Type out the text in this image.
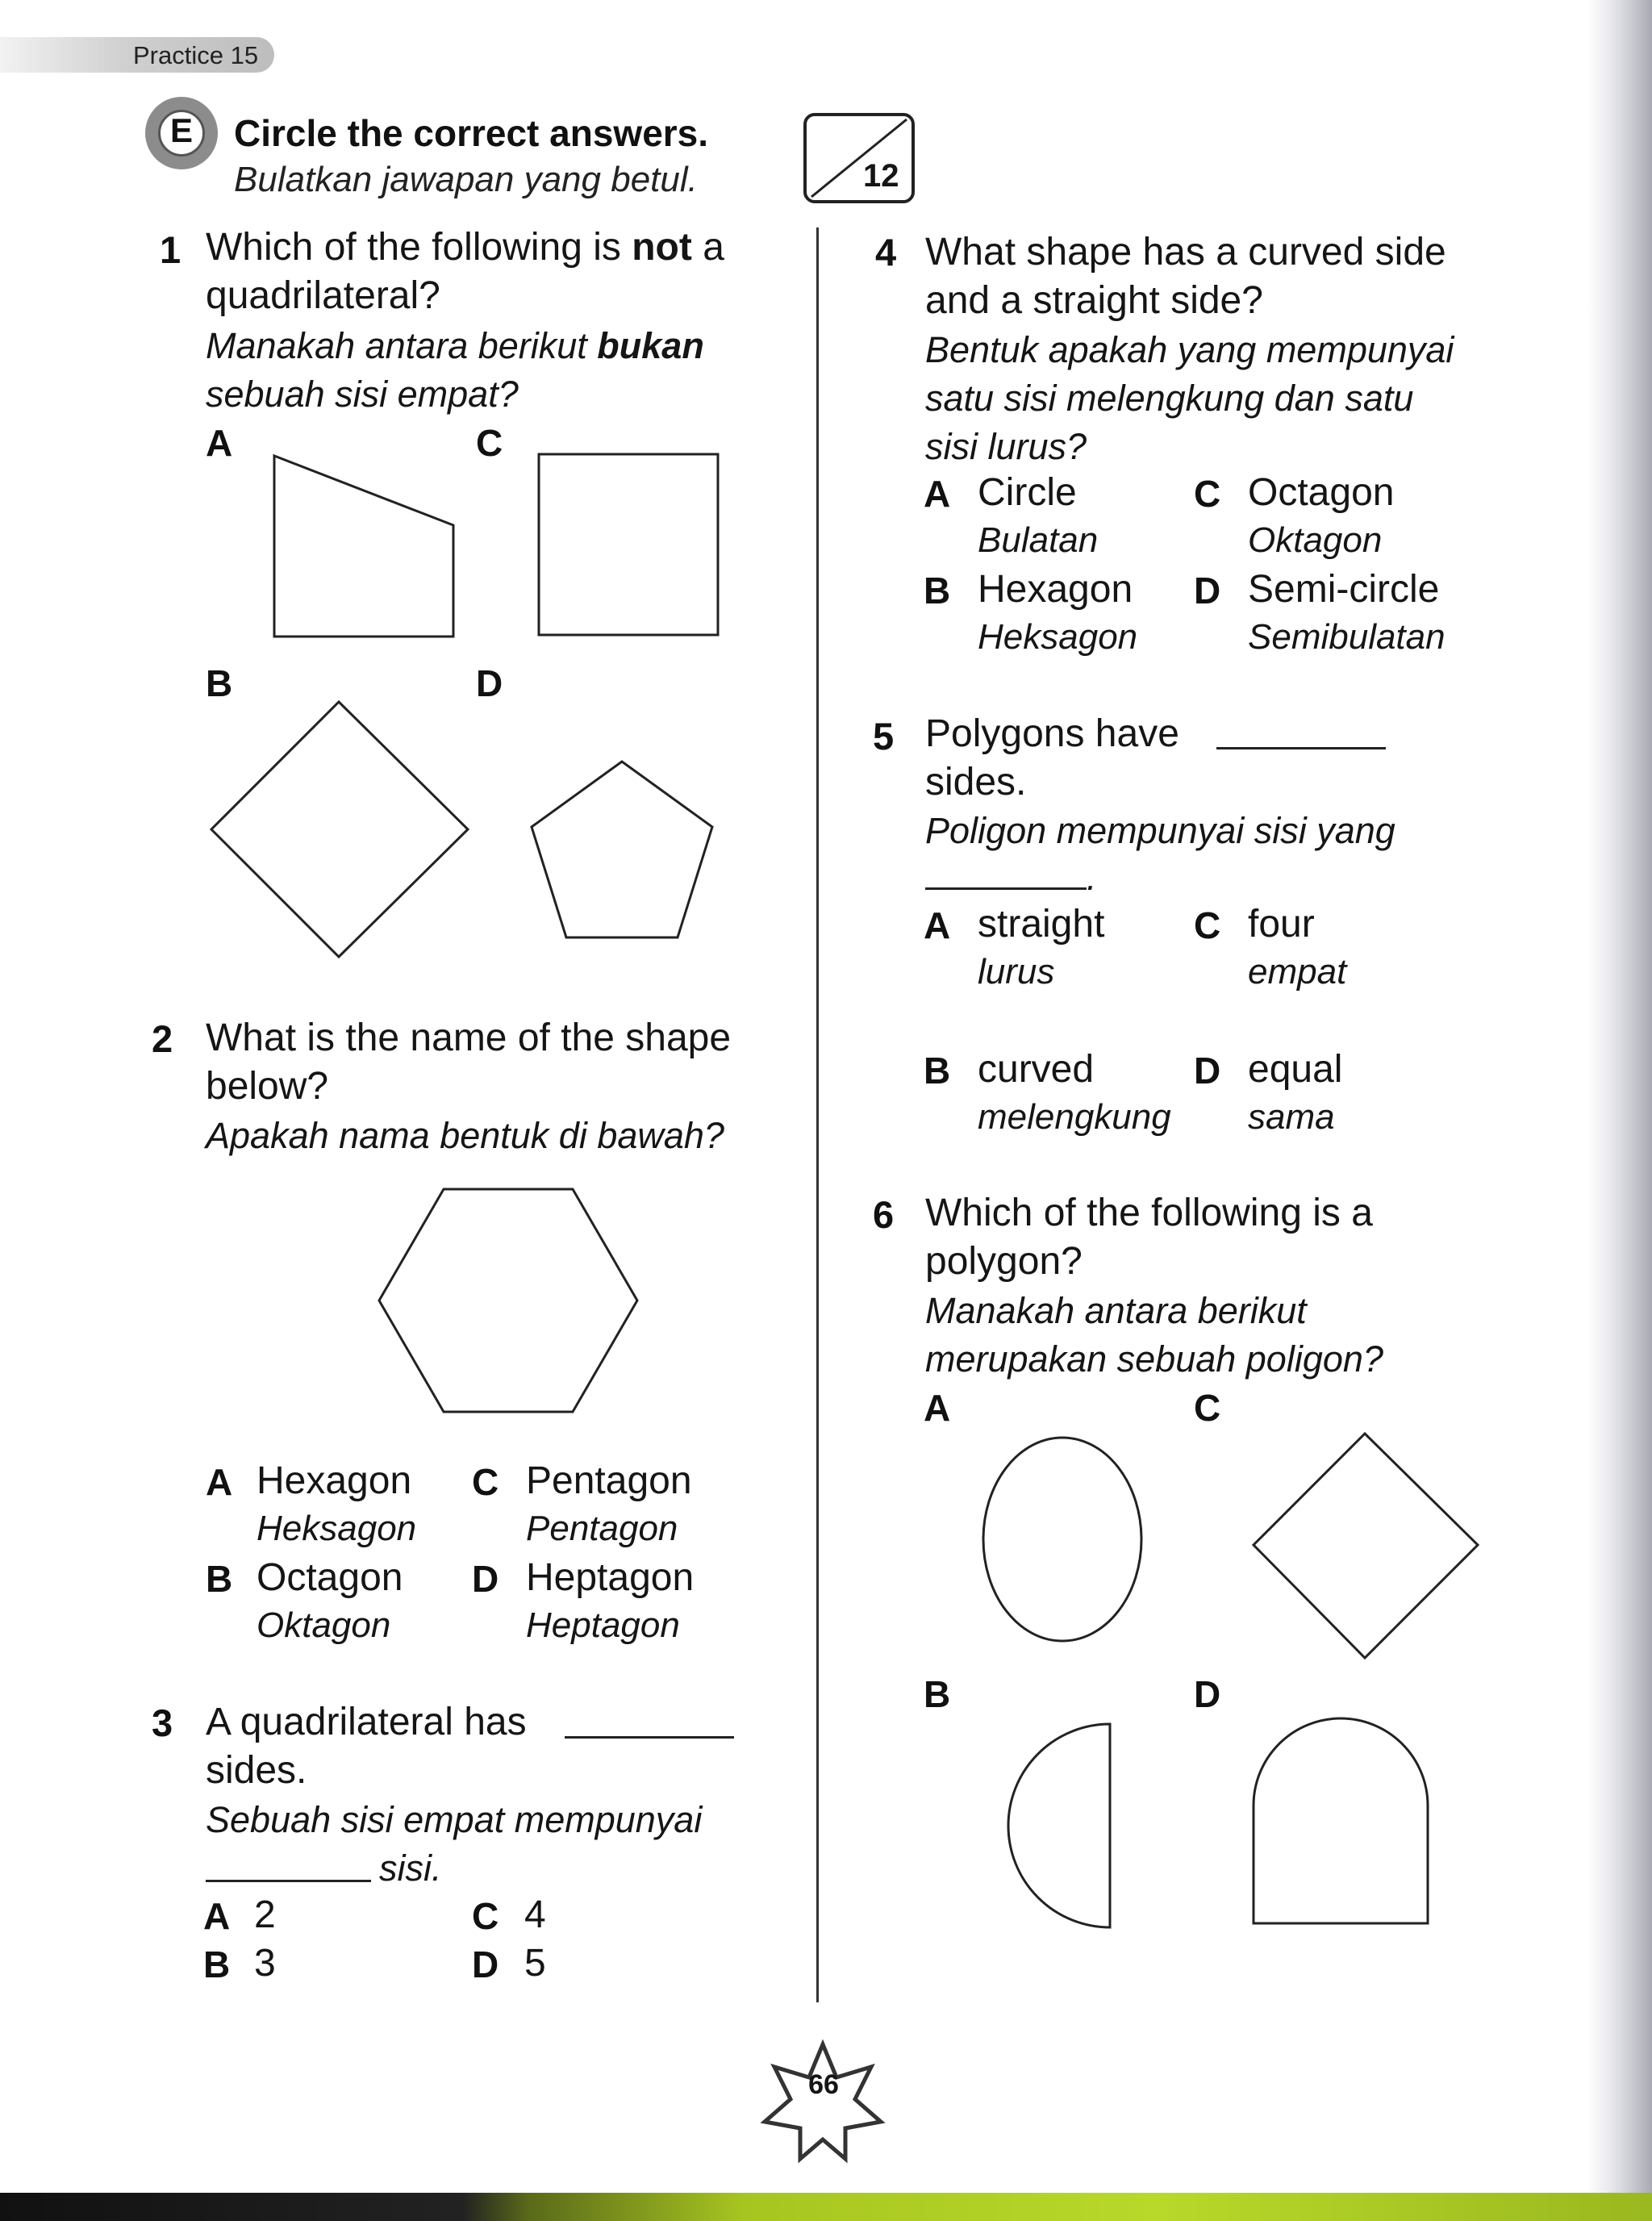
Practice 15
E	Circle the correct answers.
Bulatkan jawapan yang betul.	12
1 Which of the following is not a
quadrilateral?
Manakah antara berikut bukan
sebuah sisi empat?
A	C
B	D
2 What is the name of the shape
below?
Apakah nama bentuk di bawah?
A Hexagon
Heksagon
B Octagon
Oktagon
C Pentagon
Pentagon
D Heptagon
Heptagon
3 A quadrilateral has
sides.
Sebuah sisi empat mempunyai
sisi.
A 2
B 3
C 4
D 5
4 What shape has a curved side
and a straight side?
Bentuk apakah yang mempunyai
satu sisi melengkung dan satu
sisi lurus?
A Circle
Bulatan
B Hexagon
Heksagon
C Octagon
Oktagon
D Semi-circle
Semibulatan
5 Polygons have
sides.
Poligon mempunyai sisi yang
.
A straight
lurus
B curved
melengkung
C four
empat
D equal
sama
6 Which of the following is a
polygon?
Manakah antara berikut
merupakan sebuah poligon?
A	C
B	D
66
